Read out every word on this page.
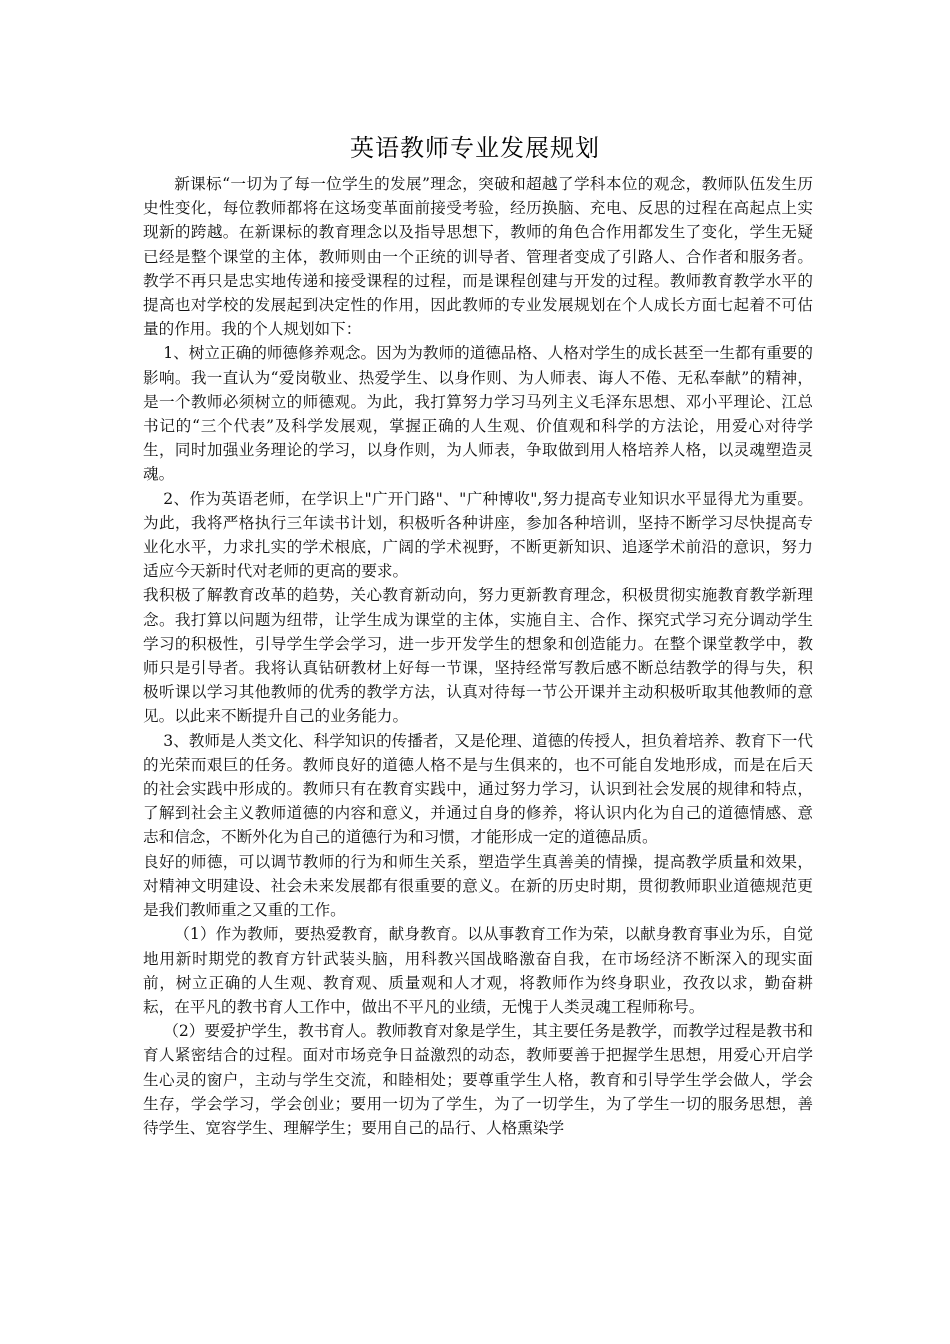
英语教师专业发展规划

新课标“一切为了每一位学生的发展”理念，突破和超越了学科本位的观念，教师队伍发生历史性变化，每位教师都将在这场变革面前接受考验，经历换脑、充电、反思的过程在高起点上实现新的跨越。在新课标的教育理念以及指导思想下，教师的角色合作用都发生了变化，学生无疑已经是整个课堂的主体，教师则由一个正统的训导者、管理者变成了引路人、合作者和服务者。教学不再只是忠实地传递和接受课程的过程，而是课程创建与开发的过程。教师教育教学水平的提高也对学校的发展起到决定性的作用，因此教师的专业发展规划在个人成长方面七起着不可估量的作用。我的个人规划如下：

1、树立正确的师德修养观念。因为为教师的道德品格、人格对学生的成长甚至一生都有重要的影响。我一直认为“爱岗敬业、热爱学生、以身作则、为人师表、诲人不倦、无私奉献”的精神，是一个教师必须树立的师德观。为此，我打算努力学习马列主义毛泽东思想、邓小平理论、江总书记的“三个代表”及科学发展观，掌握正确的人生观、价值观和科学的方法论，用爱心对待学生，同时加强业务理论的学习，以身作则，为人师表，争取做到用人格培养人格，以灵魂塑造灵魂。

2、作为英语老师，在学识上"广开门路"、"广种博收",努力提高专业知识水平显得尤为重要。为此，我将严格执行三年读书计划，积极听各种讲座，参加各种培训，坚持不断学习尽快提高专业化水平，力求扎实的学术根底，广阔的学术视野，不断更新知识、追逐学术前沿的意识，努力适应今天新时代对老师的更高的要求。

我积极了解教育改革的趋势，关心教育新动向，努力更新教育理念，积极贯彻实施教育教学新理念。我打算以问题为纽带，让学生成为课堂的主体，实施自主、合作、探究式学习充分调动学生学习的积极性，引导学生学会学习，进一步开发学生的想象和创造能力。在整个课堂教学中，教师只是引导者。我将认真钻研教材上好每一节课，坚持经常写教后感不断总结教学的得与失，积极听课以学习其他教师的优秀的教学方法，认真对待每一节公开课并主动积极听取其他教师的意见。以此来不断提升自己的业务能力。

3、教师是人类文化、科学知识的传播者，又是伦理、道德的传授人，担负着培养、教育下一代的光荣而艰巨的任务。教师良好的道德人格不是与生俱来的，也不可能自发地形成，而是在后天的社会实践中形成的。教师只有在教育实践中，通过努力学习，认识到社会发展的规律和特点，了解到社会主义教师道德的内容和意义，并通过自身的修养，将认识内化为自己的道德情感、意志和信念，不断外化为自己的道德行为和习惯，才能形成一定的道德品质。

良好的师德，可以调节教师的行为和师生关系，塑造学生真善美的情操，提高教学质量和效果，对精神文明建设、社会未来发展都有很重要的意义。在新的历史时期，贯彻教师职业道德规范更是我们教师重之又重的工作。

（1）作为教师，要热爱教育，献身教育。以从事教育工作为荣，以献身教育事业为乐，自觉地用新时期党的教育方针武装头脑，用科教兴国战略激奋自我，在市场经济不断深入的现实面前，树立正确的人生观、教育观、质量观和人才观，将教师作为终身职业，孜孜以求，勤奋耕耘，在平凡的教书育人工作中，做出不平凡的业绩，无愧于人类灵魂工程师称号。

（2）要爱护学生，教书育人。教师教育对象是学生，其主要任务是教学，而教学过程是教书和育人紧密结合的过程。面对市场竞争日益激烈的动态，教师要善于把握学生思想，用爱心开启学生心灵的窗户，主动与学生交流，和睦相处；要尊重学生人格，教育和引导学生学会做人，学会生存，学会学习，学会创业；要用一切为了学生，为了一切学生，为了学生一切的服务思想，善待学生、宽容学生、理解学生；要用自己的品行、人格熏染学
